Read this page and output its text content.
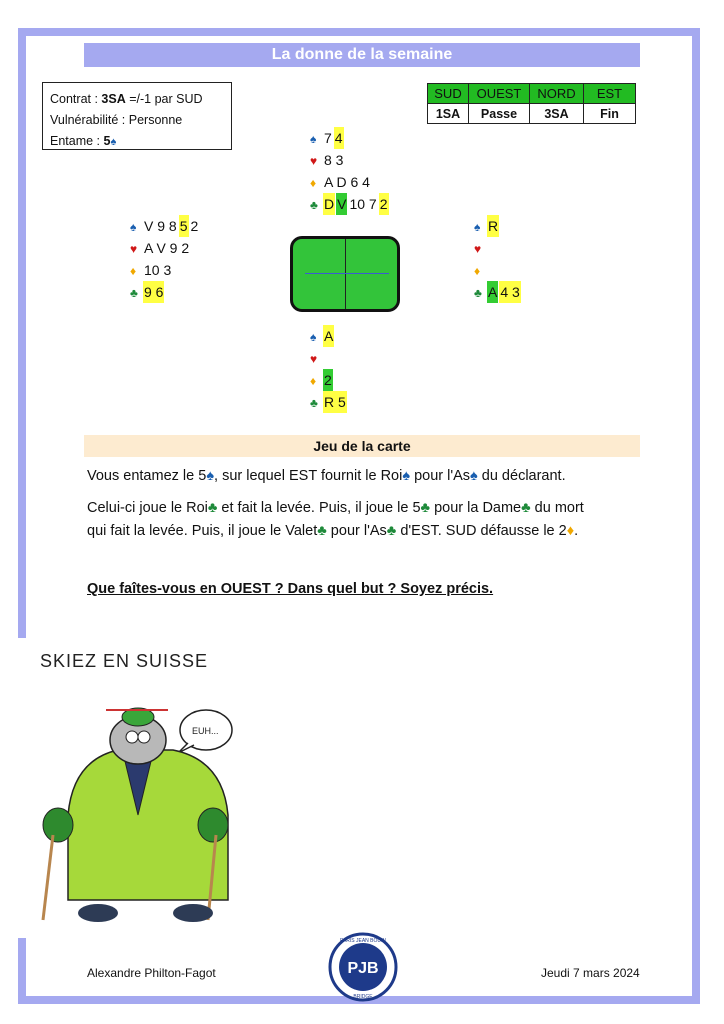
La donne de la semaine
Contrat : 3SA =/-1 par SUD
Vulnérabilité : Personne
Entame : 5♠
SUD	OUEST	NORD	EST
1SA	Passe	3SA	Fin
♠ 7 4
♥ 8 3
♦ A D 6 4
♣ D V 10 7 2
♠ V 9 8 5 2
♥ A V 9 2
♦ 10 3
♣ 9 6
♠ R
♥
♦
♣ A 4 3
♠ A
♥
♦ 2
♣ R 5
Jeu de la carte
Vous entamez le 5♠, sur lequel EST fournit le Roi♠ pour l'As♠ du déclarant.
Celui-ci joue le Roi♣ et fait la levée. Puis, il joue le 5♣ pour la Dame♣ du mort
qui fait la levée. Puis, il joue le Valet♣ pour l'As♣ d'EST. SUD défausse le 2♦.
Que faîtes-vous en OUEST ? Dans quel but ? Soyez précis.
SKIEZ EN SUISSE
EUH...
Alexandre Philton-Fagot	Jeudi 7 mars 2024
PJB
PARIS JEAN BOUIN
BRIDGE
